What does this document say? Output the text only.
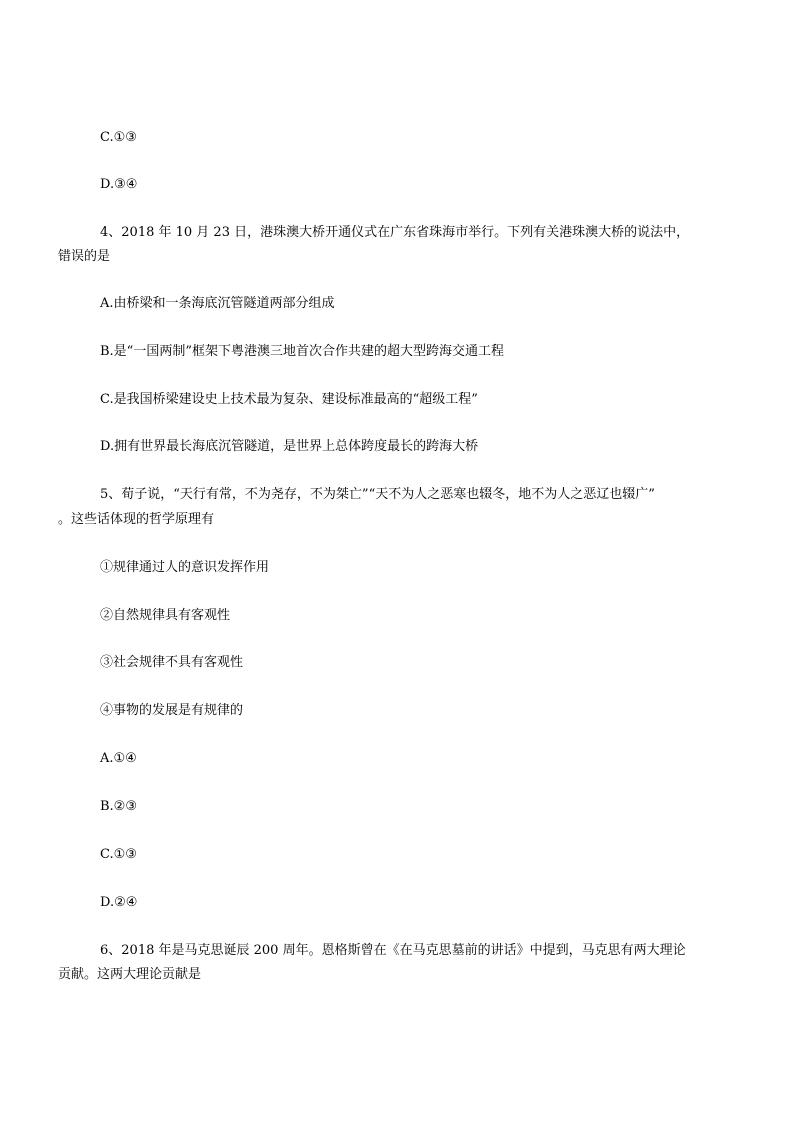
C.①③
D.③④
4、2018 年 10 月 23 日，港珠澳大桥开通仪式在广东省珠海市举行。下列有关港珠澳大桥的说法中，
错误的是
A.由桥梁和一条海底沉管隧道两部分组成
B.是“一国两制”框架下粤港澳三地首次合作共建的超大型跨海交通工程
C.是我国桥梁建设史上技术最为复杂、建设标准最高的“超级工程”
D.拥有世界最长海底沉管隧道，是世界上总体跨度最长的跨海大桥
5、荀子说，“天行有常，不为尧存，不为桀亡”“天不为人之恶寒也辍冬，地不为人之恶辽也辍广”
。这些话体现的哲学原理有
①规律通过人的意识发挥作用
②自然规律具有客观性
③社会规律不具有客观性
④事物的发展是有规律的
A.①④
B.②③
C.①③
D.②④
6、2018 年是马克思诞辰 200 周年。恩格斯曾在《在马克思墓前的讲话》中提到，马克思有两大理论
贡献。这两大理论贡献是
